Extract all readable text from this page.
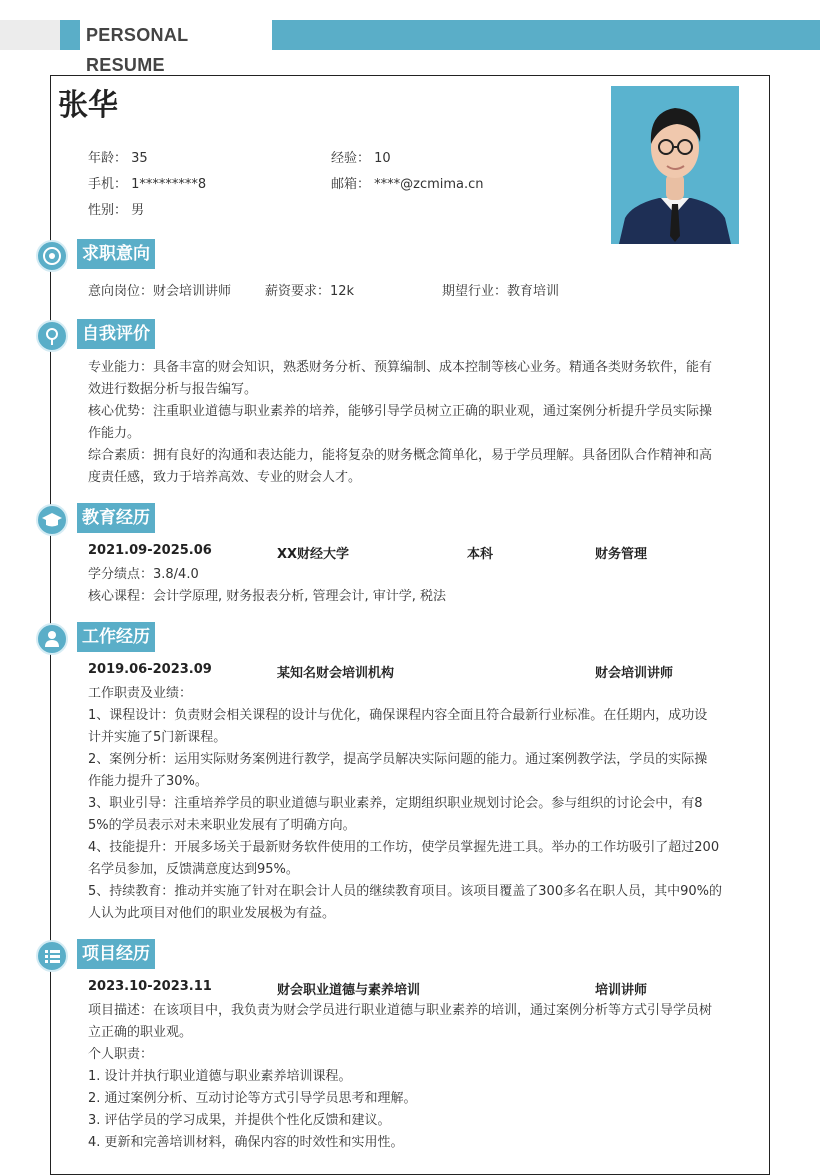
PERSONAL RESUME
张华
年龄： 35	经验： 10
手机： 1*********8	邮箱： ****@zcmima.cn
性别： 男
求职意向
意向岗位：财会培训讲师	薪资要求：12k	期望行业：教育培训
自我评价
专业能力：具备丰富的财会知识，熟悉财务分析、预算编制、成本控制等核心业务。精通各类财务软件，能有
效进行数据分析与报告编写。
核心优势：注重职业道德与职业素养的培养，能够引导学员树立正确的职业观，通过案例分析提升学员实际操
作能力。
综合素质：拥有良好的沟通和表达能力，能将复杂的财务概念简单化，易于学员理解。具备团队合作精神和高
度责任感，致力于培养高效、专业的财会人才。
教育经历
2021.09-2025.06	XX财经大学	本科	财务管理
学分绩点：3.8/4.0
核心课程：会计学原理, 财务报表分析, 管理会计, 审计学, 税法
工作经历
2019.06-2023.09	某知名财会培训机构	财会培训讲师
工作职责及业绩：
1、课程设计：负责财会相关课程的设计与优化，确保课程内容全面且符合最新行业标准。在任期内，成功设
计并实施了5门新课程。
2、案例分析：运用实际财务案例进行教学，提高学员解决实际问题的能力。通过案例教学法，学员的实际操
作能力提升了30%。
3、职业引导：注重培养学员的职业道德与职业素养，定期组织职业规划讨论会。参与组织的讨论会中，有8
5%的学员表示对未来职业发展有了明确方向。
4、技能提升：开展多场关于最新财务软件使用的工作坊，使学员掌握先进工具。举办的工作坊吸引了超过200
名学员参加，反馈满意度达到95%。
5、持续教育：推动并实施了针对在职会计人员的继续教育项目。该项目覆盖了300多名在职人员，其中90%的
人认为此项目对他们的职业发展极为有益。
项目经历
2023.10-2023.11	财会职业道德与素养培训	培训讲师
项目描述：在该项目中，我负责为财会学员进行职业道德与职业素养的培训，通过案例分析等方式引导学员树
立正确的职业观。
个人职责：
1. 设计并执行职业道德与职业素养培训课程。
2. 通过案例分析、互动讨论等方式引导学员思考和理解。
3. 评估学员的学习成果，并提供个性化反馈和建议。
4. 更新和完善培训材料，确保内容的时效性和实用性。
